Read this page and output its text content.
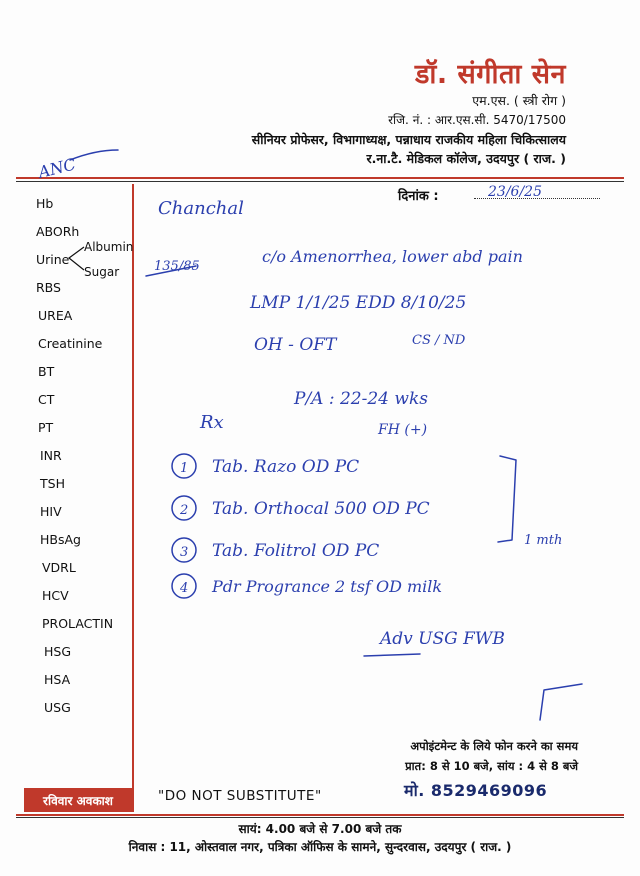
डॉ. संगीता सेन
एम.एस. ( स्त्री रोग )
रजि. नं. : आर.एस.सी. 5470/17500
सीनियर प्रोफेसर, विभागाध्यक्ष, पन्नाधाय राजकीय महिला चिकित्सालय
र.ना.टै. मेडिकल कॉलेज, उदयपुर ( राज. )
दिनांक :
Hb
ABORh
Urine
Albumin
Sugar
RBS
UREA
Creatinine
BT
CT
PT
INR
TSH
HIV
HBsAg
VDRL
HCV
PROLACTIN
HSG
HSA
USG
ANC
23/6/25
Chanchal
135/85
c/o Amenorrhea, lower abd pain
LMP 1/1/25 EDD 8/10/25
OH - OFT	CS / ND
P/A : 22-24 wks
FH (+)
Rx
1 Tab. Razo OD PC
2 Tab. Orthocal 500 OD PC
3 Tab. Folitrol OD PC
4 Pdr Progrance 2 tsf OD milk
1 mth
Adv USG FWB
अपोइंटमेन्ट के लिये फोन करने का समय
प्रात: 8 से 10 बजे, सांय : 4 से 8 बजे
मो. 8529469096
रविवार अवकाश	"DO NOT SUBSTITUTE"
सायं: 4.00 बजे से 7.00 बजे तक
निवास : 11, ओस्तवाल नगर, पत्रिका ऑफिस के सामने, सुन्दरवास, उदयपुर ( राज. )
